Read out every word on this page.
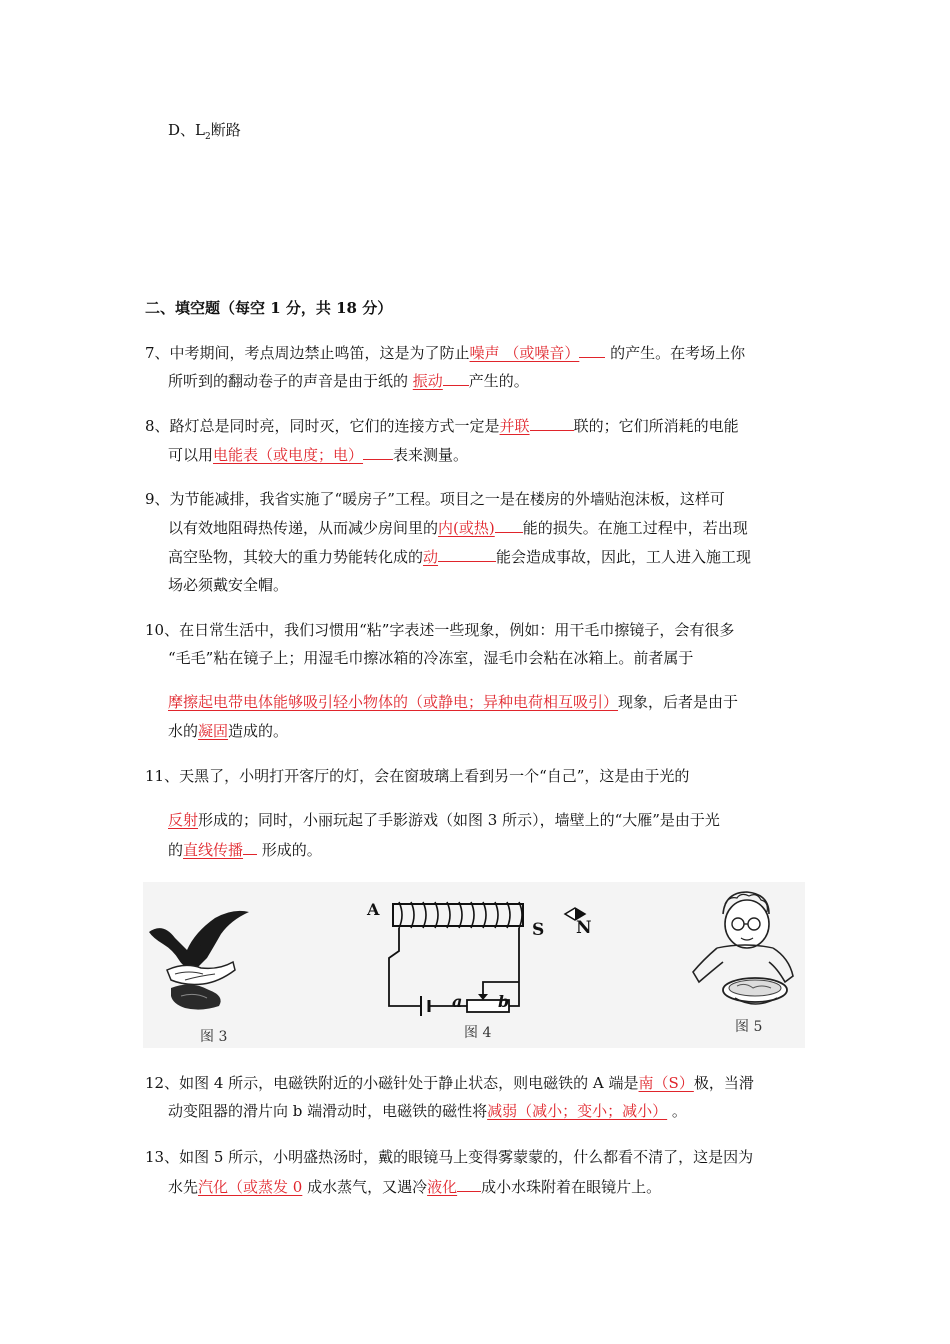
D、$L_2$断路
二、填空题（每空 1 分，共 18 分）
7、中考期间，考点周边禁止鸣笛，这是为了防止噪声 （或噪音） 的产生。在考场上你
所听到的翻动卷子的声音是由于纸的 振动 产生的。
8、路灯总是同时亮，同时灭，它们的连接方式一定是并联	联的；它们所消耗的电能
可以用电能表（或电度；电） 表来测量。
9、为节能减排，我省实施了“暖房子”工程。项目之一是在楼房的外墙贴泡沫板，这样可
以有效地阻碍热传递，从而减少房间里的内(或热) 能的损失。在施工过程中，若出现
高空坠物，其较大的重力势能转化成的动	能会造成事故，因此，工人进入施工现
场必须戴安全帽。
10、在日常生活中，我们习惯用“粘”字表述一些现象，例如：用干毛巾擦镜子，会有很多
“毛毛”粘在镜子上；用湿毛巾擦冰箱的冷冻室，湿毛巾会粘在冰箱上。前者属于
摩擦起电带电体能够吸引轻小物体的（或静电；异种电荷相互吸引）现象，后者是由于
水的凝固造成的。
11、天黑了，小明打开客厅的灯，会在窗玻璃上看到另一个“自己”，这是由于光的
反射形成的；同时，小丽玩起了手影游戏（如图 3 所示），墙壁上的“大雁”是由于光
的直线传播 形成的。
图 3
A
S N
a b
图 4	图 5
12、如图 4 所示，电磁铁附近的小磁针处于静止状态，则电磁铁的 A 端是南（S）极，当滑
动变阻器的滑片向 b 端滑动时，电磁铁的磁性将减弱（减小；变小；减小） 。
13、如图 5 所示，小明盛热汤时，戴的眼镜马上变得雾蒙蒙的，什么都看不清了，这是因为
水先汽化（或蒸发 0 成水蒸气，又遇冷液化 成小水珠附着在眼镜片上。
